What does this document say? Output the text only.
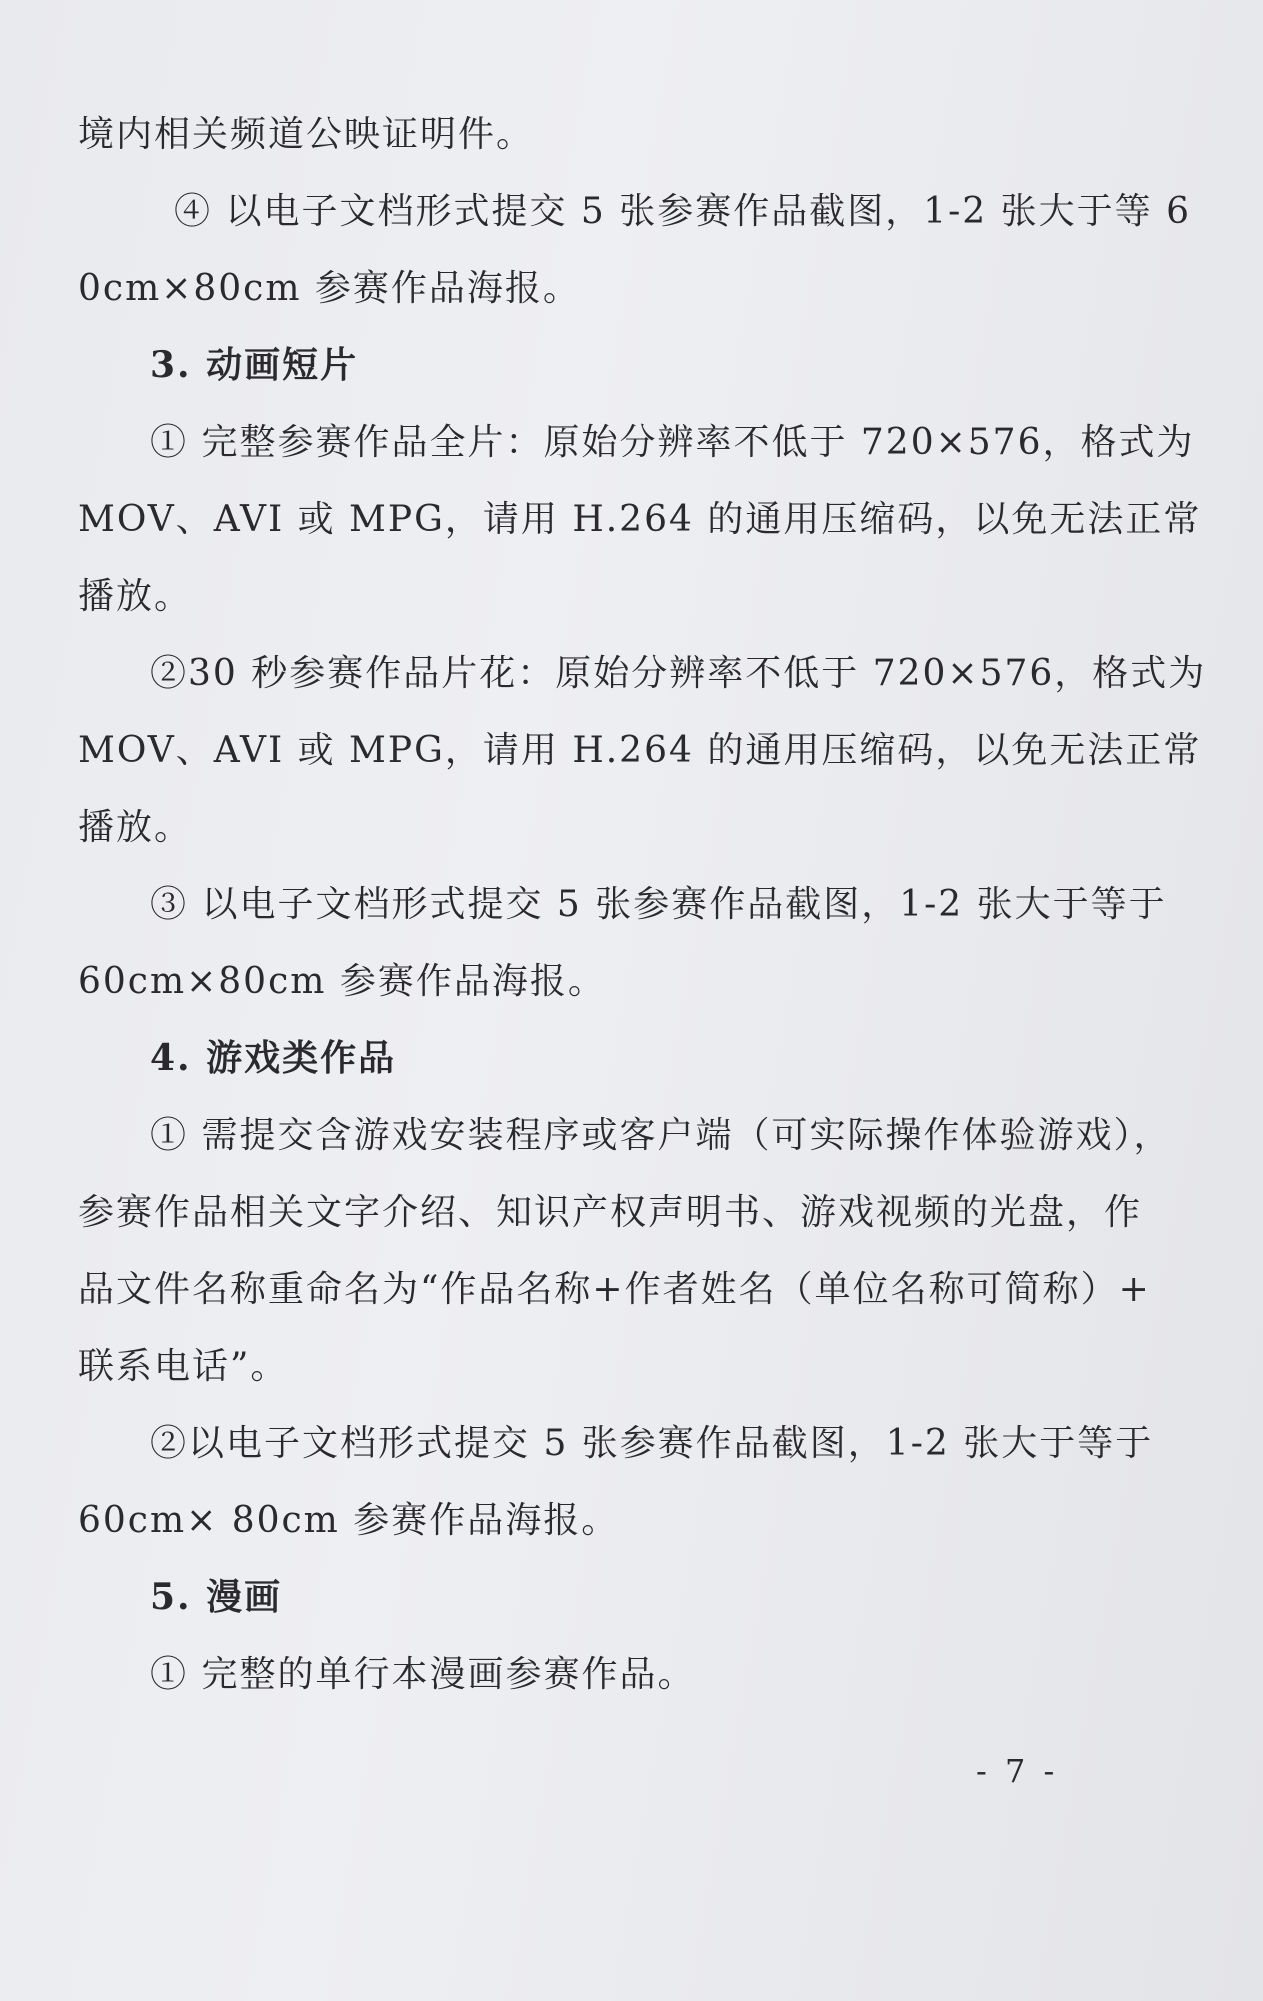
境内相关频道公映证明件。
④ 以电子文档形式提交 5 张参赛作品截图，1-2 张大于等 6
0cm×80cm 参赛作品海报。
3. 动画短片
① 完整参赛作品全片：原始分辨率不低于 720×576，格式为
MOV、AVI 或 MPG，请用 H.264 的通用压缩码，以免无法正常
播放。
②30 秒参赛作品片花：原始分辨率不低于 720×576，格式为
MOV、AVI 或 MPG，请用 H.264 的通用压缩码，以免无法正常
播放。
③ 以电子文档形式提交 5 张参赛作品截图，1-2 张大于等于
60cm×80cm 参赛作品海报。
4. 游戏类作品
① 需提交含游戏安装程序或客户端（可实际操作体验游戏），
参赛作品相关文字介绍、知识产权声明书、游戏视频的光盘，作
品文件名称重命名为“作品名称+作者姓名（单位名称可简称）+
联系电话”。
②以电子文档形式提交 5 张参赛作品截图，1-2 张大于等于
60cm× 80cm 参赛作品海报。
5. 漫画
① 完整的单行本漫画参赛作品。
- 7 -
